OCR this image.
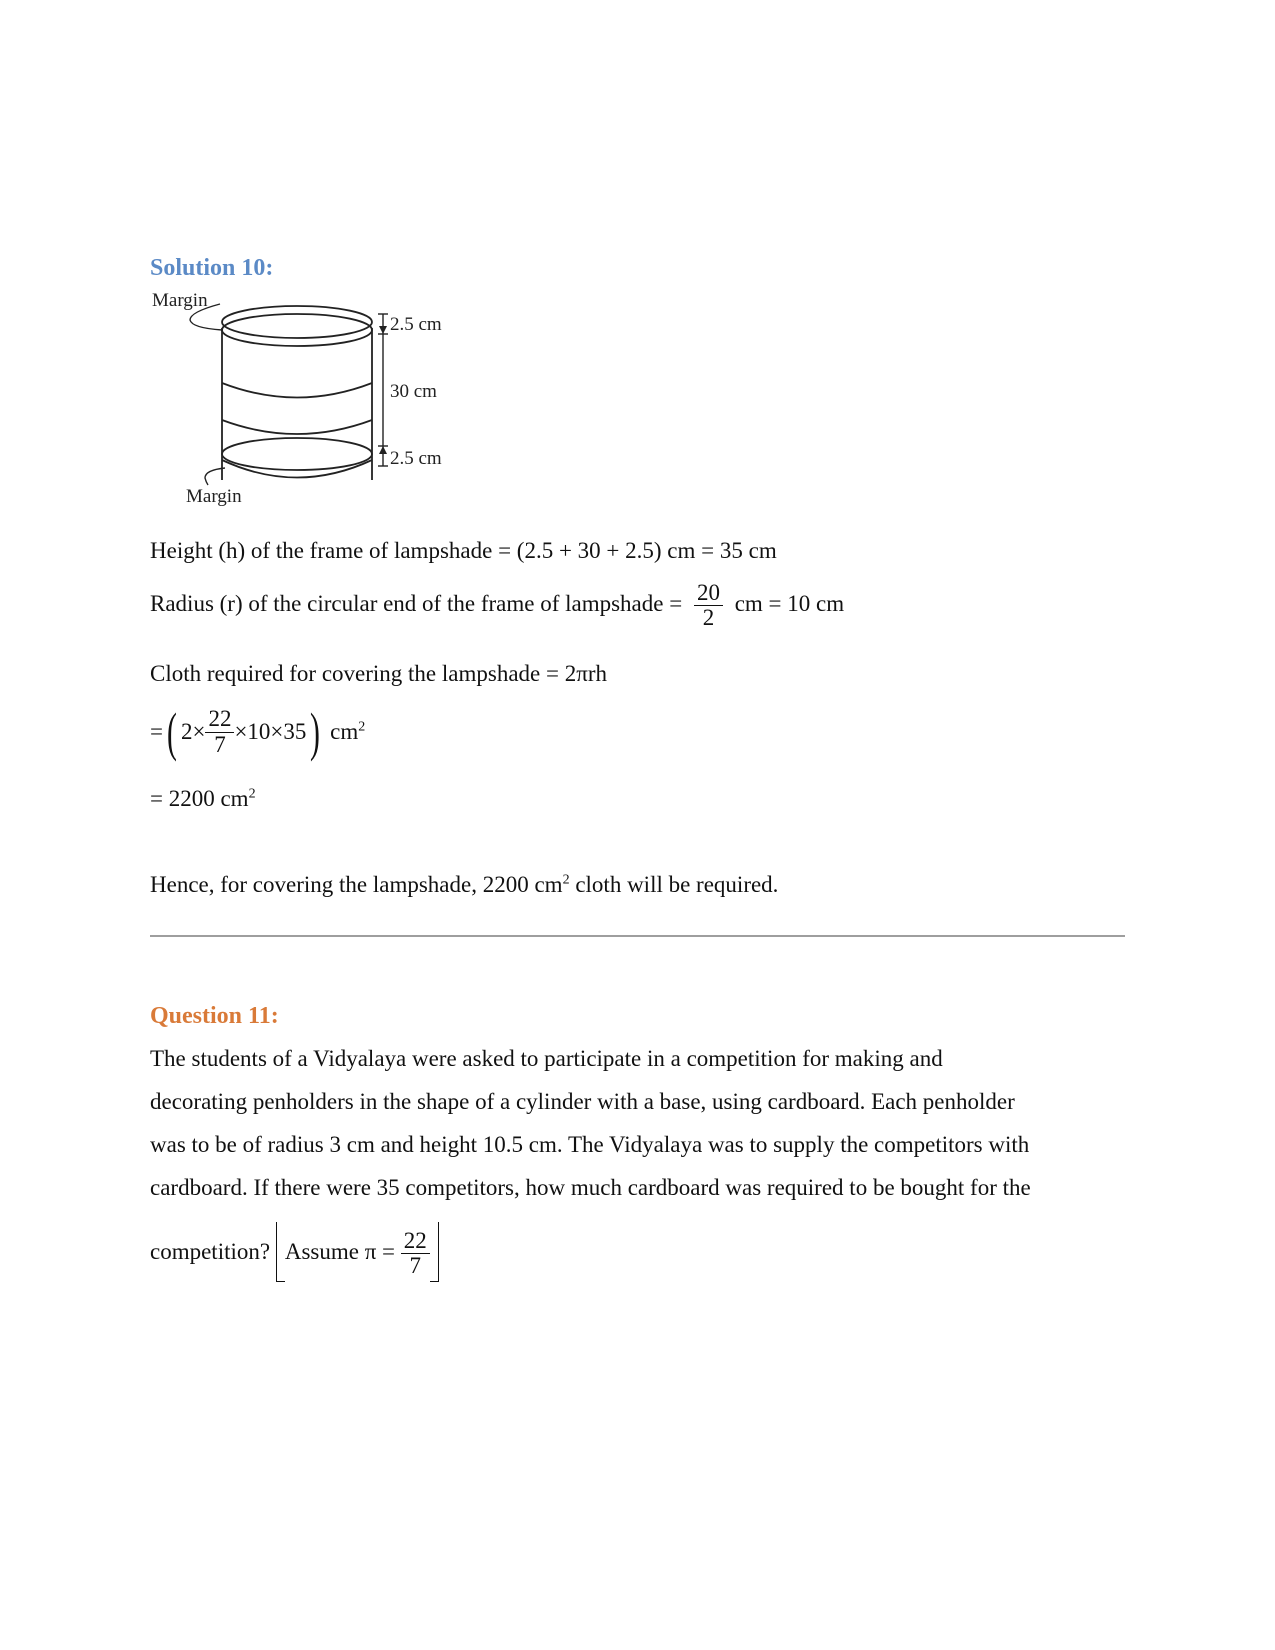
Solution 10:
Margin
Margin
2.5 cm
30 cm
2.5 cm
Height (h) of the frame of lampshade = (2.5 + 30 + 2.5) cm = 35 cm
Radius (r) of the circular end of the frame of lampshade = $\frac{20}{2}$ cm = 10 cm
Cloth required for covering the lampshade = 2πrh
=( $2\times \frac{22}{7} \times 10\times 35$) $cm^2$
= 2200 $cm^2$
Hence, for covering the lampshade, 2200 $cm^2$ cloth will be required.
Question 11:
The students of a Vidyalaya were asked to participate in a competition for making and
decorating penholders in the shape of a cylinder with a base, using cardboard. Each penholder
was to be of radius 3 cm and height 10.5 cm. The Vidyalaya was to supply the competitors with
cardboard. If there were 35 competitors, how much cardboard was required to be bought for the
competition? Assume $\pi = \frac{22}{7}$
